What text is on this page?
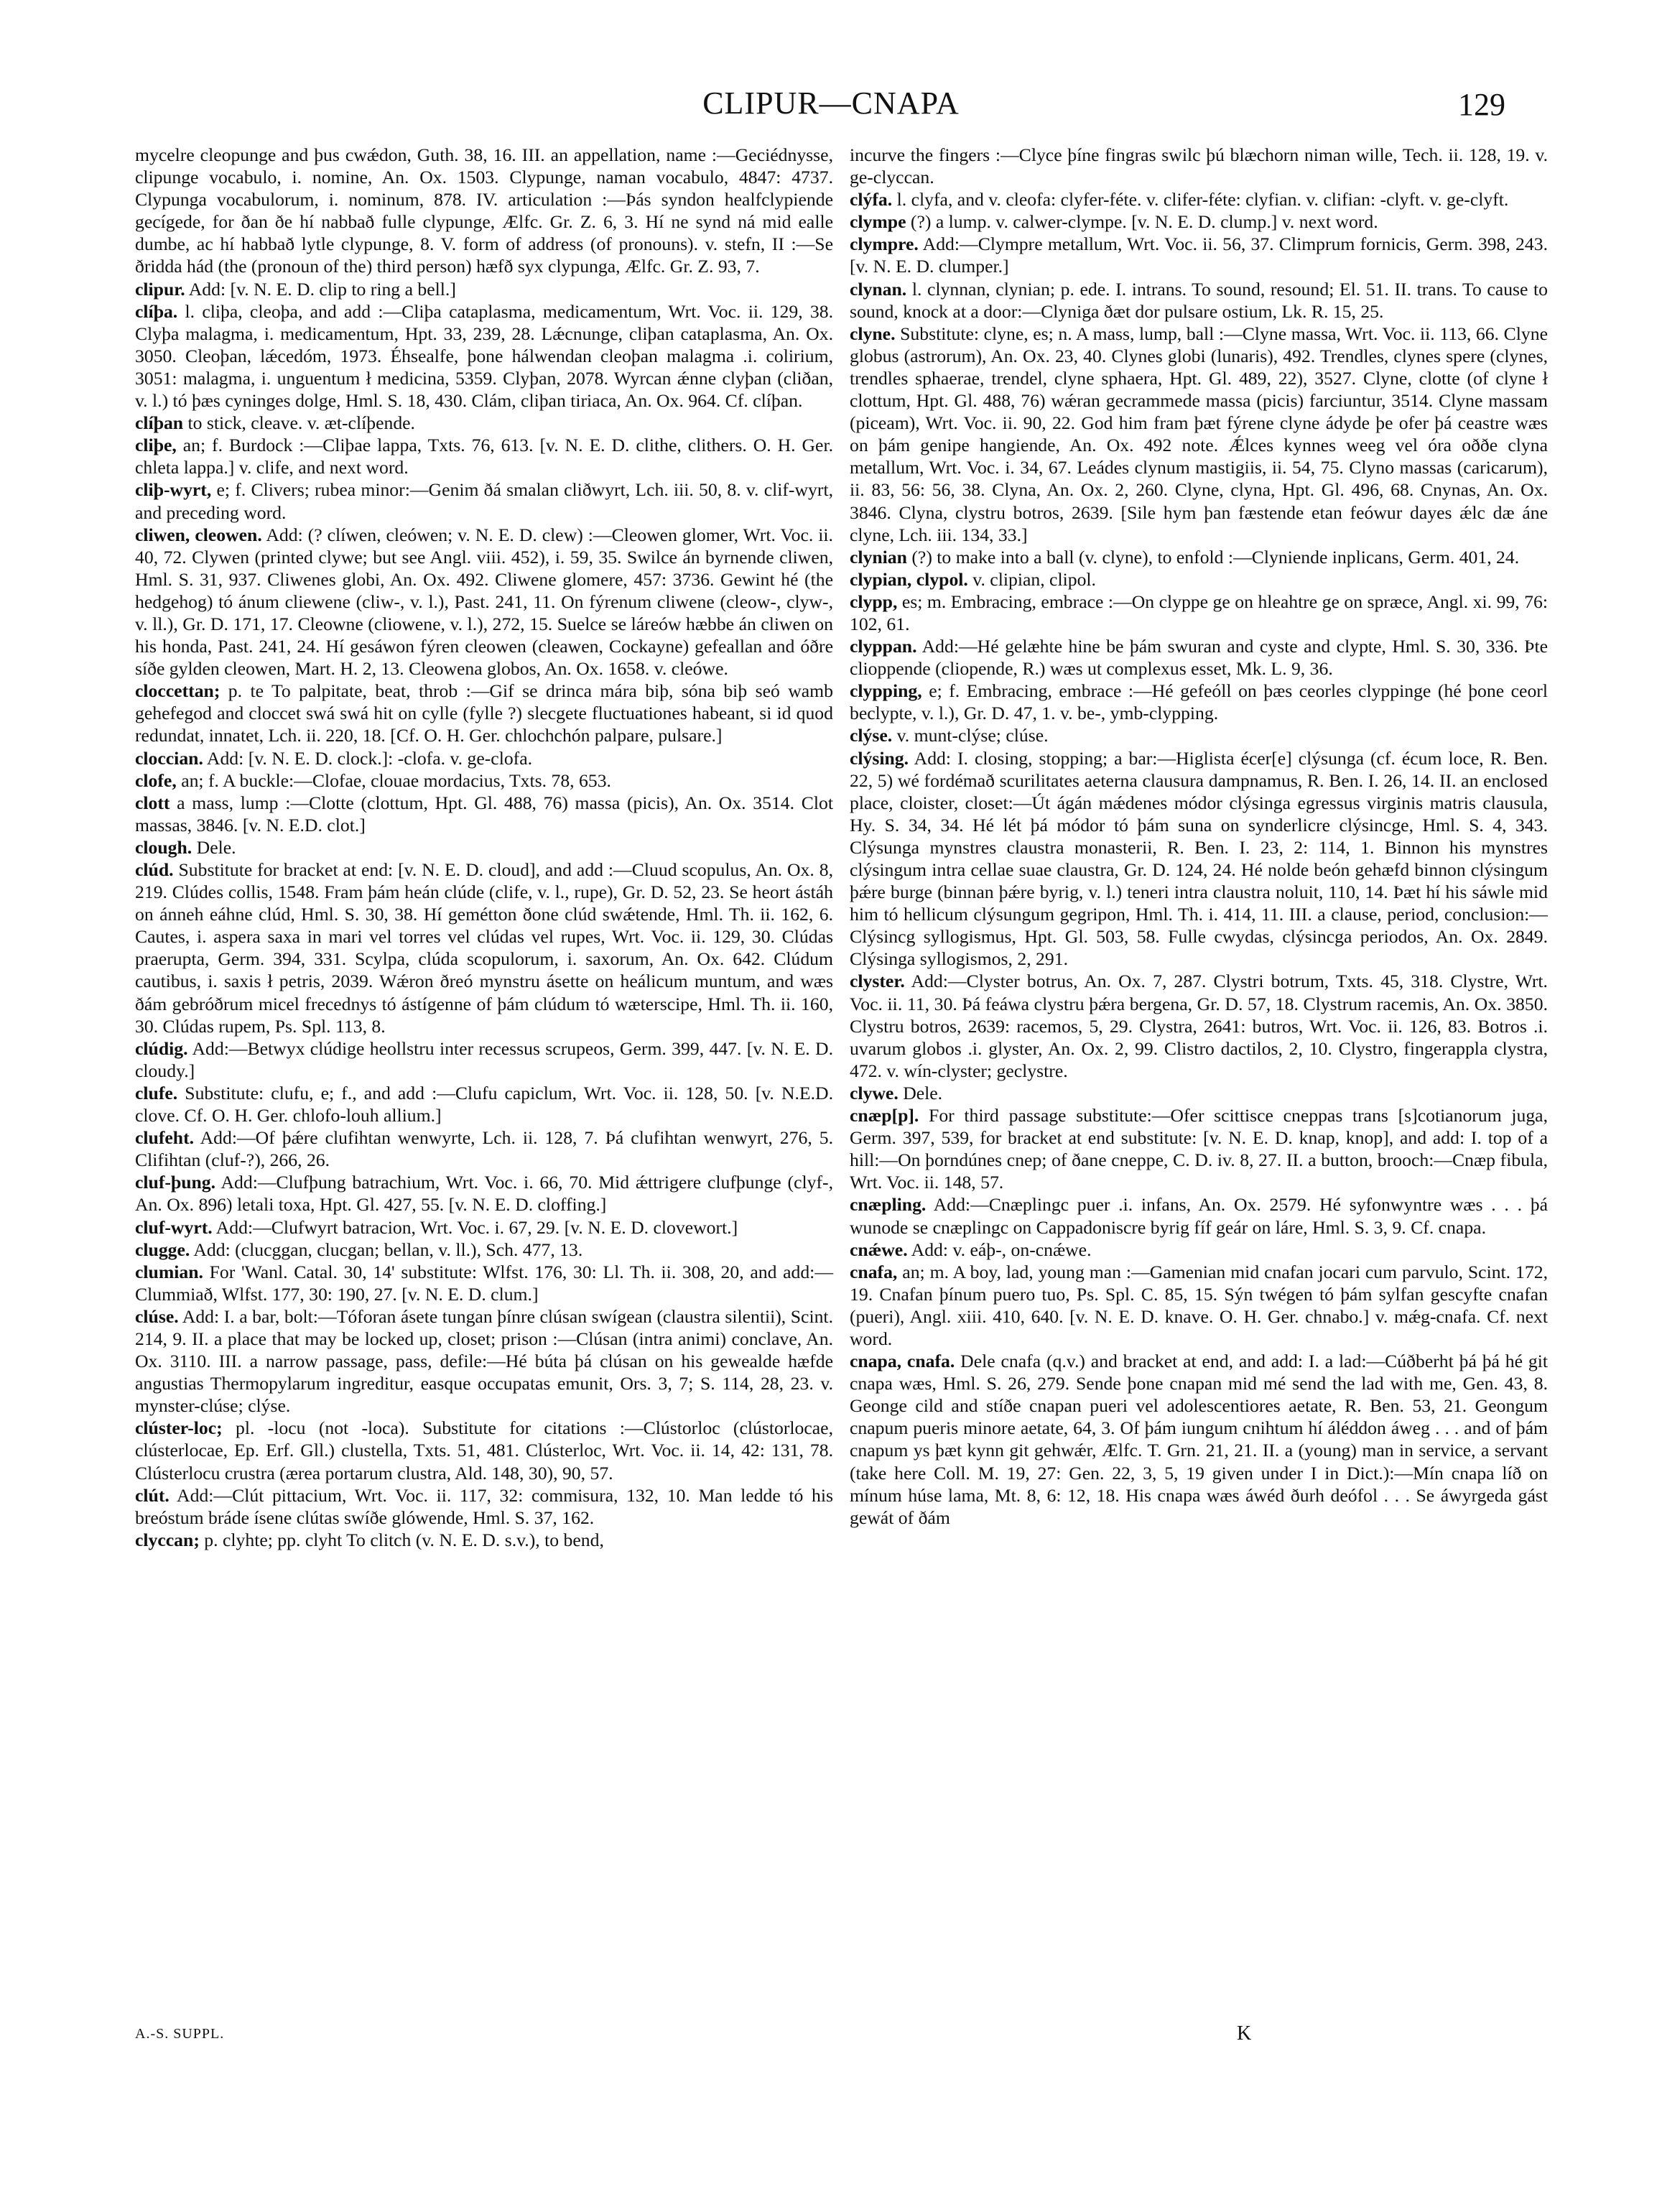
CLIPUR—CNAPA	129

mycelre cleopunge and þus cwǽdon, Guth. 38, 16. III. an appellation, name :—Geciédnysse, clipunge vocabulo, i. nomine, An. Ox. 1503. Clypunge, naman vocabulo, 4847: 4737. Clypunga vocabulorum, i. nominum, 878. IV. articulation :—Þás syndon healfclypiende gecígede, for ðan ðe hí nabbað fulle clypunge, Ælfc. Gr. Z. 6, 3. Hí ne synd ná mid ealle dumbe, ac hí habbað lytle clypunge, 8. V. form of address (of pronouns). v. stefn, II :—Se ðridda hád (the (pronoun of the) third person) hæfð syx clypunga, Ælfc. Gr. Z. 93, 7.

clipur. Add: [v. N. E. D. clip to ring a bell.]

clíþa. l. cliþa, cleoþa, and add :—Cliþa cataplasma, medicamentum, Wrt. Voc. ii. 129, 38. Clyþa malagma, i. medicamentum, Hpt. 33, 239, 28. Lǽcnunge, cliþan cataplasma, An. Ox. 3050. Cleoþan, lǽcedóm, 1973. Éhsealfe, þone hálwendan cleoþan malagma .i. colirium, 3051: malagma, i. unguentum ł medicina, 5359. Clyþan, 2078. Wyrcan ǽnne clyþan (cliðan, v. l.) tó þæs cyninges dolge, Hml. S. 18, 430. Clám, cliþan tiriaca, An. Ox. 964. Cf. clíþan.

clíþan to stick, cleave. v. æt-clíþende.

cliþe, an; f. Burdock :—Cliþae lappa, Txts. 76, 613. [v. N. E. D. clithe, clithers. O. H. Ger. chleta lappa.] v. clife, and next word.

cliþ-wyrt, e; f. Clivers; rubea minor:—Genim ðá smalan cliðwyrt, Lch. iii. 50, 8. v. clif-wyrt, and preceding word.

cliwen, cleowen. Add: (? clíwen, cleówen; v. N. E. D. clew) :—Cleowen glomer, Wrt. Voc. ii. 40, 72. Clywen (printed clywe; but see Angl. viii. 452), i. 59, 35. Swilce án byrnende cliwen, Hml. S. 31, 937. Cliwenes globi, An. Ox. 492. Cliwene glomere, 457: 3736. Gewint hé (the hedgehog) tó ánum cliewene (cliw-, v. l.), Past. 241, 11. On fýrenum cliwene (cleow-, clyw-, v. ll.), Gr. D. 171, 17. Cleowne (cliowene, v. l.), 272, 15. Suelce se láreów hæbbe án cliwen on his honda, Past. 241, 24. Hí gesáwon fýren cleowen (cleawen, Cockayne) gefeallan and óðre síðe gylden cleowen, Mart. H. 2, 13. Cleowena globos, An. Ox. 1658. v. cleówe.

cloccettan; p. te To palpitate, beat, throb :—Gif se drinca mára biþ, sóna biþ seó wamb gehefegod and cloccet swá swá hit on cylle (fylle ?) slecgete fluctuationes habeant, si id quod redundat, innatet, Lch. ii. 220, 18. [Cf. O. H. Ger. chlochchón palpare, pulsare.]

cloccian. Add: [v. N. E. D. clock.]: -clofa. v. ge-clofa.

clofe, an; f. A buckle:—Clofae, clouae mordacius, Txts. 78, 653.

clott a mass, lump :—Clotte (clottum, Hpt. Gl. 488, 76) massa (picis), An. Ox. 3514. Clot massas, 3846. [v. N. E.D. clot.]

clough. Dele.

clúd. Substitute for bracket at end: [v. N. E. D. cloud], and add :—Cluud scopulus, An. Ox. 8, 219. Clúdes collis, 1548. Fram þám heán clúde (clife, v. l., rupe), Gr. D. 52, 23. Se heort ástáh on ánneh eáhne clúd, Hml. S. 30, 38. Hí gemétton ðone clúd swǽtende, Hml. Th. ii. 162, 6. Cautes, i. aspera saxa in mari vel torres vel clúdas vel rupes, Wrt. Voc. ii. 129, 30. Clúdas praerupta, Germ. 394, 331. Scylpa, clúda scopulorum, i. saxorum, An. Ox. 642. Clúdum cautibus, i. saxis ł petris, 2039. Wǽron ðreó mynstru ásette on heálicum muntum, and wæs ðám gebróðrum micel frecednys tó ástígenne of þám clúdum tó wæterscipe, Hml. Th. ii. 160, 30. Clúdas rupem, Ps. Spl. 113, 8.

clúdig. Add:—Betwyx clúdige heollstru inter recessus scrupeos, Germ. 399, 447. [v. N. E. D. cloudy.]

clufe. Substitute: clufu, e; f., and add :—Clufu capiclum, Wrt. Voc. ii. 128, 50. [v. N.E.D. clove. Cf. O. H. Ger. chlofo-louh allium.]

clufeht. Add:—Of þǽre clufihtan wenwyrte, Lch. ii. 128, 7. Þá clufihtan wenwyrt, 276, 5. Clifihtan (cluf-?), 266, 26.

cluf-þung. Add:—Clufþung batrachium, Wrt. Voc. i. 66, 70. Mid ǽttrigere clufþunge (clyf-, An. Ox. 896) letali toxa, Hpt. Gl. 427, 55. [v. N. E. D. cloffing.]

cluf-wyrt. Add:—Clufwyrt batracion, Wrt. Voc. i. 67, 29. [v. N. E. D. clovewort.]

clugge. Add: (clucggan, clucgan; bellan, v. ll.), Sch. 477, 13.

clumian. For 'Wanl. Catal. 30, 14' substitute: Wlfst. 176, 30: Ll. Th. ii. 308, 20, and add:—Clummiað, Wlfst. 177, 30: 190, 27. [v. N. E. D. clum.]

clúse. Add: I. a bar, bolt:—Tóforan ásete tungan þínre clúsan swígean (claustra silentii), Scint. 214, 9. II. a place that may be locked up, closet; prison :—Clúsan (intra animi) conclave, An. Ox. 3110. III. a narrow passage, pass, defile:—Hé búta þá clúsan on his gewealde hæfde angustias Thermopylarum ingreditur, easque occupatas emunit, Ors. 3, 7; S. 114, 28, 23. v. mynster-clúse; clýse.

clúster-loc; pl. -locu (not -loca). Substitute for citations :—Clústorloc (clústorlocae, clústerlocae, Ep. Erf. Gll.) clustella, Txts. 51, 481. Clústerloc, Wrt. Voc. ii. 14, 42: 131, 78. Clústerlocu crustra (ærea portarum clustra, Ald. 148, 30), 90, 57.

clút. Add:—Clút pittacium, Wrt. Voc. ii. 117, 32: commisura, 132, 10. Man ledde tó his breóstum bráde ísene clútas swíðe glówende, Hml. S. 37, 162.

clyccan; p. clyhte; pp. clyht To clitch (v. N. E. D. s.v.), to bend,

incurve the fingers :—Clyce þíne fingras swilc þú blæchorn niman wille, Tech. ii. 128, 19. v. ge-clyccan.

clýfa. l. clyfa, and v. cleofa: clyfer-féte. v. clifer-féte: clyfian. v. clifian: -clyft. v. ge-clyft.

clympe (?) a lump. v. calwer-clympe. [v. N. E. D. clump.] v. next word.

clympre. Add:—Clympre metallum, Wrt. Voc. ii. 56, 37. Climprum fornicis, Germ. 398, 243. [v. N. E. D. clumper.]

clynan. l. clynnan, clynian; p. ede. I. intrans. To sound, resound; El. 51. II. trans. To cause to sound, knock at a door:—Clyniga ðæt dor pulsare ostium, Lk. R. 15, 25.

clyne. Substitute: clyne, es; n. A mass, lump, ball :—Clyne massa, Wrt. Voc. ii. 113, 66. Clyne globus (astrorum), An. Ox. 23, 40. Clynes globi (lunaris), 492. Trendles, clynes spere (clynes, trendles sphaerae, trendel, clyne sphaera, Hpt. Gl. 489, 22), 3527. Clyne, clotte (of clyne ł clottum, Hpt. Gl. 488, 76) wǽran gecrammede massa (picis) farciuntur, 3514. Clyne massam (piceam), Wrt. Voc. ii. 90, 22. God him fram þæt fýrene clyne ádyde þe ofer þá ceastre wæs on þám genipe hangiende, An. Ox. 492 note. Ǽlces kynnes weeg vel óra oððe clyna metallum, Wrt. Voc. i. 34, 67. Leádes clynum mastigiis, ii. 54, 75. Clyno massas (caricarum), ii. 83, 56: 56, 38. Clyna, An. Ox. 2, 260. Clyne, clyna, Hpt. Gl. 496, 68. Cnynas, An. Ox. 3846. Clyna, clystru botros, 2639. [Sile hym þan fæstende etan feówur dayes ǽlc dæ áne clyne, Lch. iii. 134, 33.]

clynian (?) to make into a ball (v. clyne), to enfold :—Clyniende inplicans, Germ. 401, 24.

clypian, clypol. v. clipian, clipol.

clypp, es; m. Embracing, embrace :—On clyppe ge on hleahtre ge on spræce, Angl. xi. 99, 76: 102, 61.

clyppan. Add:—Hé gelæhte hine be þám swuran and cyste and clypte, Hml. S. 30, 336. Þte clioppende (cliopende, R.) wæs ut complexus esset, Mk. L. 9, 36.

clypping, e; f. Embracing, embrace :—Hé gefeóll on þæs ceorles clyppinge (hé þone ceorl beclypte, v. l.), Gr. D. 47, 1. v. be-, ymb-clypping.

clýse. v. munt-clýse; clúse.

clýsing. Add: I. closing, stopping; a bar:—Higlista écer[e] clýsunga (cf. écum loce, R. Ben. 22, 5) wé fordémað scurilitates aeterna clausura dampnamus, R. Ben. I. 26, 14. II. an enclosed place, cloister, closet:—Út ágán mǽdenes módor clýsinga egressus virginis matris clausula, Hy. S. 34, 34. Hé lét þá módor tó þám suna on synderlicre clýsincge, Hml. S. 4, 343. Clýsunga mynstres claustra monasterii, R. Ben. I. 23, 2: 114, 1. Binnon his mynstres clýsingum intra cellae suae claustra, Gr. D. 124, 24. Hé nolde beón gehæfd binnon clýsingum þǽre burge (binnan þǽre byrig, v. l.) teneri intra claustra noluit, 110, 14. Þæt hí his sáwle mid him tó hellicum clýsungum gegripon, Hml. Th. i. 414, 11. III. a clause, period, conclusion:—Clýsincg syllogismus, Hpt. Gl. 503, 58. Fulle cwydas, clýsincga periodos, An. Ox. 2849. Clýsinga syllogismos, 2, 291.

clyster. Add:—Clyster botrus, An. Ox. 7, 287. Clystri botrum, Txts. 45, 318. Clystre, Wrt. Voc. ii. 11, 30. Þá feáwa clystru þǽra bergena, Gr. D. 57, 18. Clystrum racemis, An. Ox. 3850. Clystru botros, 2639: racemos, 5, 29. Clystra, 2641: butros, Wrt. Voc. ii. 126, 83. Botros .i. uvarum globos .i. glyster, An. Ox. 2, 99. Clistro dactilos, 2, 10. Clystro, fingerappla clystra, 472. v. wín-clyster; geclystre.

clywe. Dele.

cnæp[p]. For third passage substitute:—Ofer scittisce cneppas trans [s]cotianorum juga, Germ. 397, 539, for bracket at end substitute: [v. N. E. D. knap, knop], and add: I. top of a hill:—On þorndúnes cnep; of ðane cneppe, C. D. iv. 8, 27. II. a button, brooch:—Cnæp fibula, Wrt. Voc. ii. 148, 57.

cnæpling. Add:—Cnæplingc puer .i. infans, An. Ox. 2579. Hé syfonwyntre wæs . . . þá wunode se cnæplingc on Cappadoniscre byrig fíf geár on láre, Hml. S. 3, 9. Cf. cnapa.

cnǽwe. Add: v. eáþ-, on-cnǽwe.

cnafa, an; m. A boy, lad, young man :—Gamenian mid cnafan jocari cum parvulo, Scint. 172, 19. Cnafan þínum puero tuo, Ps. Spl. C. 85, 15. Sýn twégen tó þám sylfan gescyfte cnafan (pueri), Angl. xiii. 410, 640. [v. N. E. D. knave. O. H. Ger. chnabo.] v. mǽg-cnafa. Cf. next word.

cnapa, cnafa. Dele cnafa (q.v.) and bracket at end, and add: I. a lad:—Cúðberht þá þá hé git cnapa wæs, Hml. S. 26, 279. Sende þone cnapan mid mé send the lad with me, Gen. 43, 8. Geonge cild and stíðe cnapan pueri vel adolescentiores aetate, R. Ben. 53, 21. Geongum cnapum pueris minore aetate, 64, 3. Of þám iungum cnihtum hí áléddon áweg . . . and of þám cnapum ys þæt kynn git gehwǽr, Ælfc. T. Grn. 21, 21. II. a (young) man in service, a servant (take here Coll. M. 19, 27: Gen. 22, 3, 5, 19 given under I in Dict.):—Mín cnapa líð on mínum húse lama, Mt. 8, 6: 12, 18. His cnapa wæs áwéd ðurh deófol . . . Se áwyrgeda gást gewát of ðám

A.-S. SUPPL.	K
